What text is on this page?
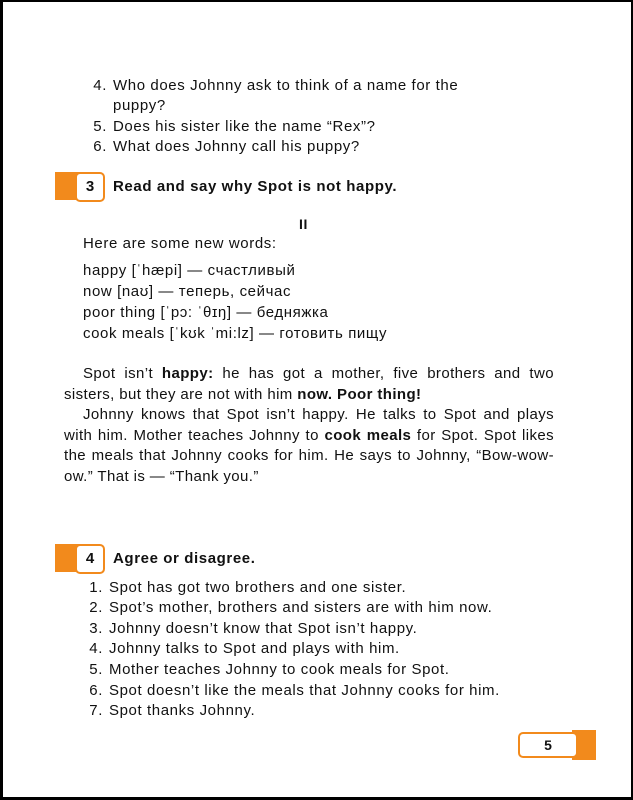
4. Who does Johnny ask to think of a name for the
puppy?
5. Does his sister like the name “Rex”?
6. What does Johnny call his puppy?
3	Read and say why Spot is not happy.
II
Here are some new words:
happy [ˈhæpi] — счастливый
now [naʊ] — теперь, сейчас
poor thing [ˈpɔ: ˈθɪŋ] — бедняжка
cook meals [ˈkʊk ˈmi:lz] — готовить пищу

Spot isn’t happy: he has got a mother, five brothers and two sisters, but they are not with him now. Poor thing!

Johnny knows that Spot isn’t happy. He talks to Spot and plays with him. Mother teaches Johnny to cook meals for Spot. Spot likes the meals that Johnny cooks for him. He says to Johnny, “Bow-wow-ow.” That is — “Thank you.”

4	Agree or disagree.
1. Spot has got two brothers and one sister.
2. Spot’s mother, brothers and sisters are with him now.
3. Johnny doesn’t know that Spot isn’t happy.
4. Johnny talks to Spot and plays with him.
5. Mother teaches Johnny to cook meals for Spot.
6. Spot doesn’t like the meals that Johnny cooks for him.
7. Spot thanks Johnny.
5
